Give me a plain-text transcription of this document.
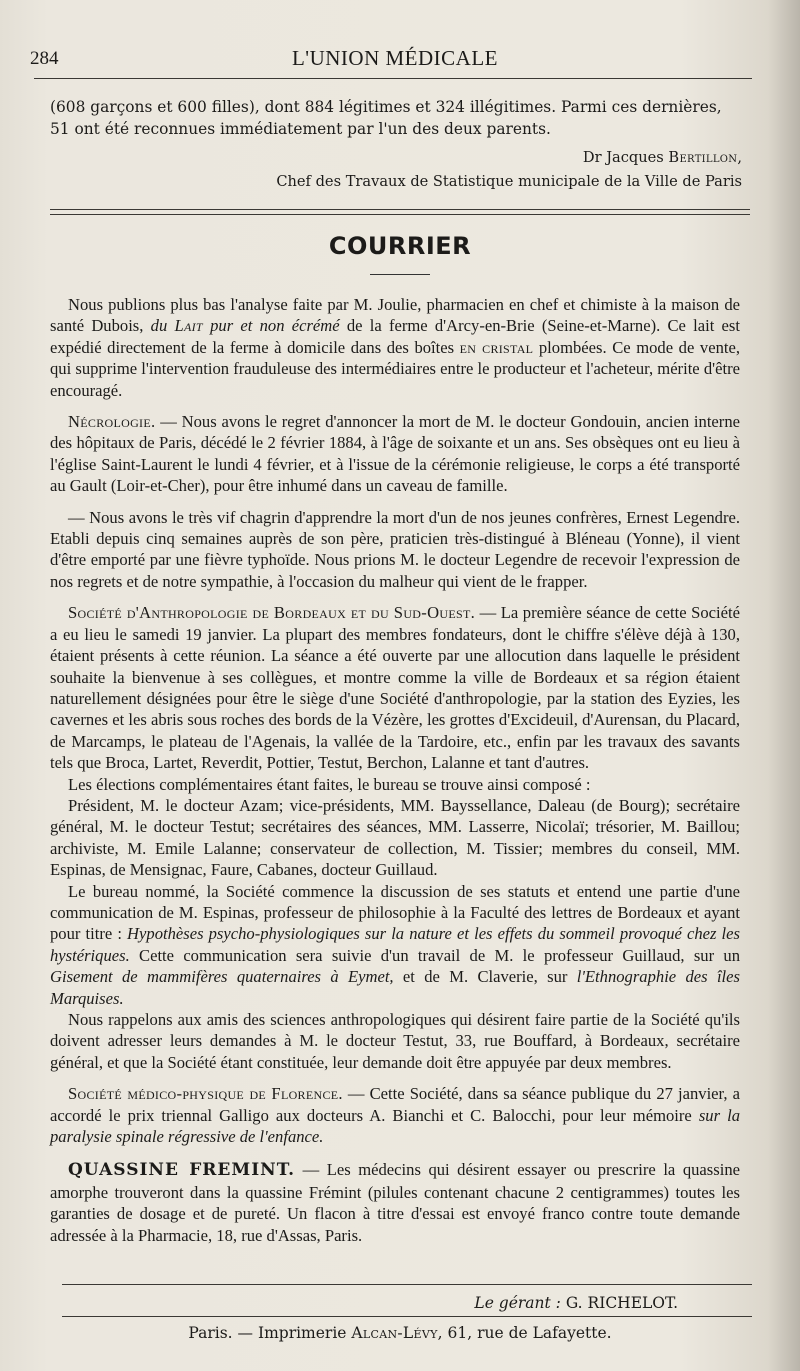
284	L'UNION MÉDICALE

(608 garçons et 600 filles), dont 884 légitimes et 324 illégitimes. Parmi ces dernières,

51 ont été reconnues immédiatement par l'un des deux parents.

Dr Jacques Bertillon,
Chef des Travaux de Statistique municipale de la Ville de Paris
COURRIER

Nous publions plus bas l'analyse faite par M. Joulie, pharmacien en chef et chimiste à la maison de santé Dubois, du Lait pur et non écrémé de la ferme d'Arcy-en-Brie (Seine-et-Marne). Ce lait est expédié directement de la ferme à domicile dans des boîtes en cristal plombées. Ce mode de vente, qui supprime l'intervention frauduleuse des intermédiaires entre le producteur et l'acheteur, mérite d'être encouragé.

Nécrologie. — Nous avons le regret d'annoncer la mort de M. le docteur Gondouin, ancien interne des hôpitaux de Paris, décédé le 2 février 1884, à l'âge de soixante et un ans. Ses obsèques ont eu lieu à l'église Saint-Laurent le lundi 4 février, et à l'issue de la cérémonie religieuse, le corps a été transporté au Gault (Loir-et-Cher), pour être inhumé dans un caveau de famille.

— Nous avons le très vif chagrin d'apprendre la mort d'un de nos jeunes confrères, Ernest Legendre. Etabli depuis cinq semaines auprès de son père, praticien très-distingué à Bléneau (Yonne), il vient d'être emporté par une fièvre typhoïde. Nous prions M. le docteur Legendre de recevoir l'expression de nos regrets et de notre sympathie, à l'occasion du malheur qui vient de le frapper.

Société d'Anthropologie de Bordeaux et du Sud-Ouest. — La première séance de cette Société a eu lieu le samedi 19 janvier. La plupart des membres fondateurs, dont le chiffre s'élève déjà à 130, étaient présents à cette réunion. La séance a été ouverte par une allocution dans laquelle le président souhaite la bienvenue à ses collègues, et montre comme la ville de Bordeaux et sa région étaient naturellement désignées pour être le siège d'une Société d'anthropologie, par la station des Eyzies, les cavernes et les abris sous roches des bords de la Vézère, les grottes d'Excideuil, d'Aurensan, du Placard, de Marcamps, le plateau de l'Agenais, la vallée de la Tardoire, etc., enfin par les travaux des savants tels que Broca, Lartet, Reverdit, Pottier, Testut, Berchon, Lalanne et tant d'autres.

Les élections complémentaires étant faites, le bureau se trouve ainsi composé :

Président, M. le docteur Azam; vice-présidents, MM. Bayssellance, Daleau (de Bourg); secrétaire général, M. le docteur Testut; secrétaires des séances, MM. Lasserre, Nicolaï; trésorier, M. Baillou; archiviste, M. Emile Lalanne; conservateur de collection, M. Tissier; membres du conseil, MM. Espinas, de Mensignac, Faure, Cabanes, docteur Guillaud.

Le bureau nommé, la Société commence la discussion de ses statuts et entend une partie d'une communication de M. Espinas, professeur de philosophie à la Faculté des lettres de Bordeaux et ayant pour titre : Hypothèses psycho-physiologiques sur la nature et les effets du sommeil provoqué chez les hystériques. Cette communication sera suivie d'un travail de M. le professeur Guillaud, sur un Gisement de mammifères quaternaires à Eymet, et de M. Claverie, sur l'Ethnographie des îles Marquises.

Nous rappelons aux amis des sciences anthropologiques qui désirent faire partie de la Société qu'ils doivent adresser leurs demandes à M. le docteur Testut, 33, rue Bouffard, à Bordeaux, secrétaire général, et que la Société étant constituée, leur demande doit être appuyée par deux membres.

Société médico-physique de Florence. — Cette Société, dans sa séance publique du 27 janvier, a accordé le prix triennal Galligo aux docteurs A. Bianchi et C. Balocchi, pour leur mémoire sur la paralysie spinale régressive de l'enfance.

QUASSINE FREMINT. — Les médecins qui désirent essayer ou prescrire la quassine amorphe trouveront dans la quassine Frémint (pilules contenant chacune 2 centigrammes) toutes les garanties de dosage et de pureté. Un flacon à titre d'essai est envoyé franco contre toute demande adressée à la Pharmacie, 18, rue d'Assas, Paris.

Le gérant : G. RICHELOT.
Paris. — Imprimerie Alcan-Lévy, 61, rue de Lafayette.
